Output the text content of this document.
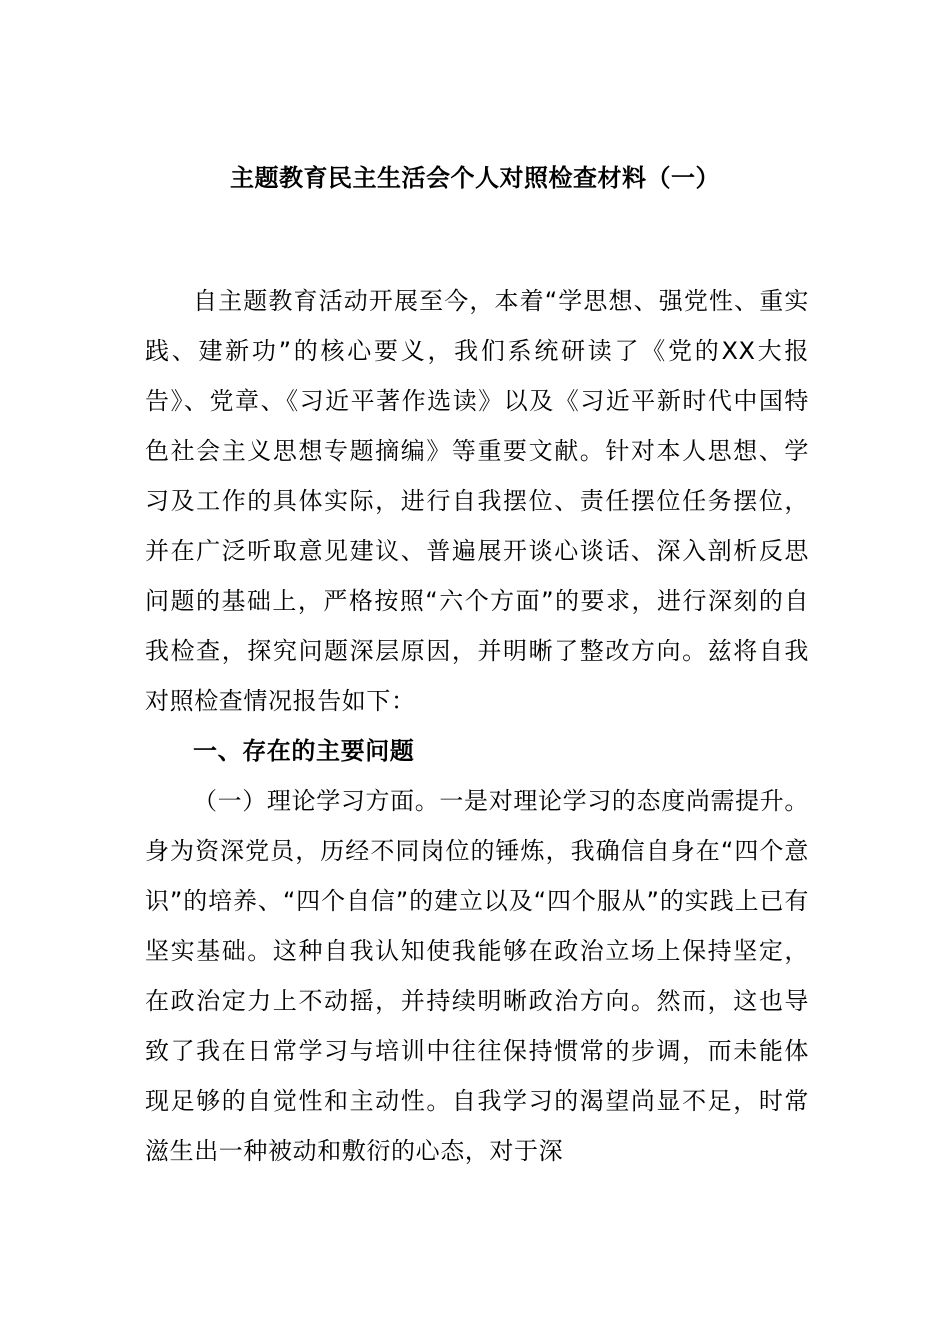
主题教育民主生活会个人对照检查材料（一）

自主题教育活动开展至今，本着“学思想、强党性、重实践、建新功”的核心要义，我们系统研读了《党的XX大报告》、党章、《习近平著作选读》以及《习近平新时代中国特色社会主义思想专题摘编》等重要文献。针对本人思想、学习及工作的具体实际，进行自我摆位、责任摆位任务摆位，并在广泛听取意见建议、普遍展开谈心谈话、深入剖析反思问题的基础上，严格按照“六个方面”的要求，进行深刻的自我检查，探究问题深层原因，并明晰了整改方向。兹将自我对照检查情况报告如下：

一、存在的主要问题

（一）理论学习方面。一是对理论学习的态度尚需提升。身为资深党员，历经不同岗位的锤炼，我确信自身在“四个意识”的培养、“四个自信”的建立以及“四个服从”的实践上已有坚实基础。这种自我认知使我能够在政治立场上保持坚定，在政治定力上不动摇，并持续明晰政治方向。然而，这也导致了我在日常学习与培训中往往保持惯常的步调，而未能体现足够的自觉性和主动性。自我学习的渴望尚显不足，时常滋生出一种被动和敷衍的心态，对于深
